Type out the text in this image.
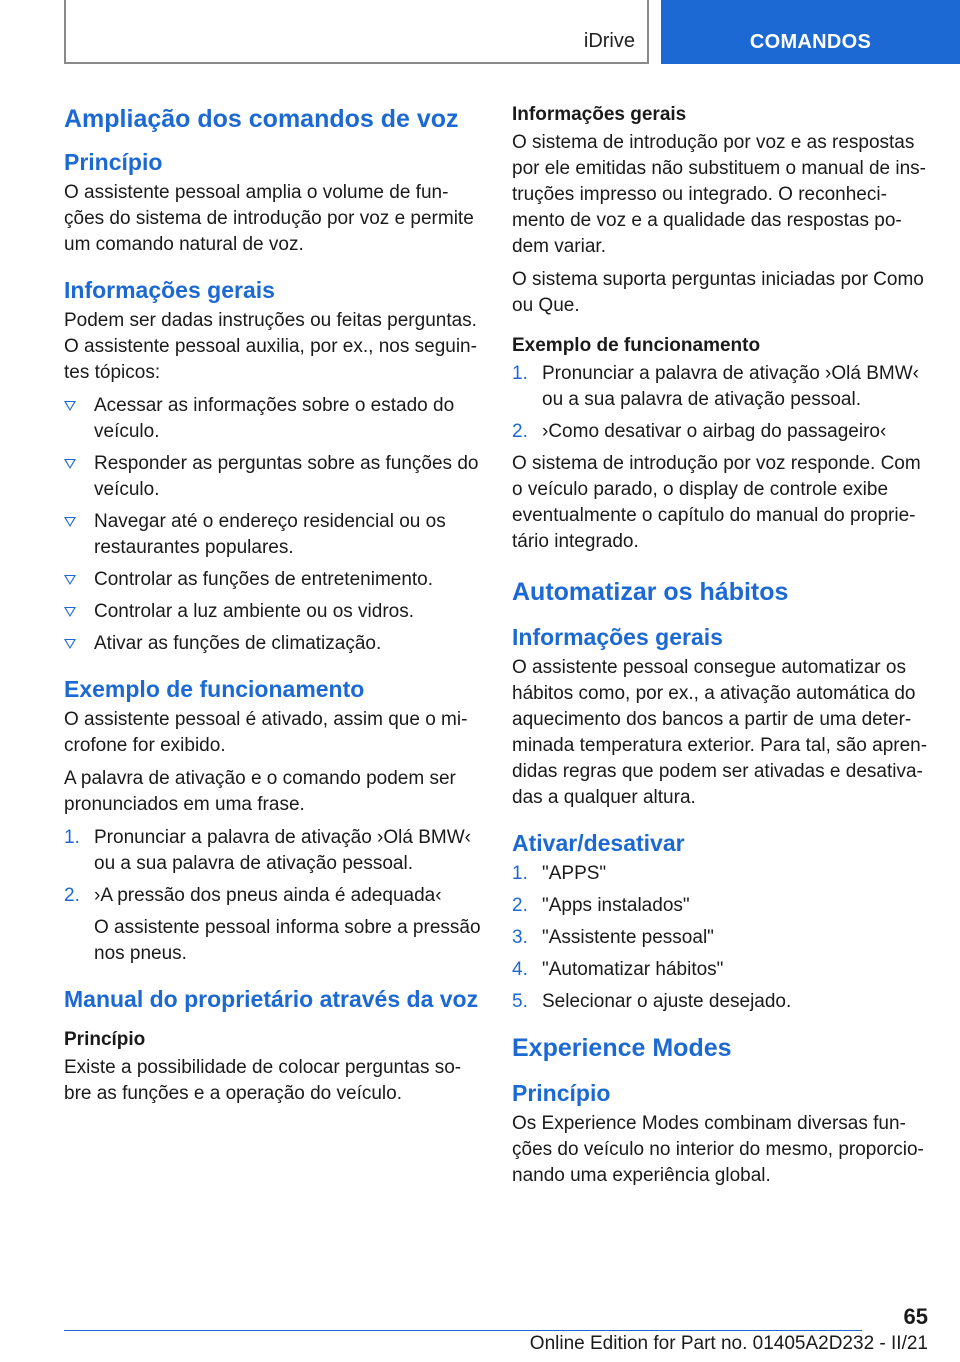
iDrive	COMANDOS
Ampliação dos comandos de voz
Princípio

O assistente pessoal amplia o volume de fun‐ções do sistema de introdução por voz e permite um comando natural de voz.

Informações gerais

Podem ser dadas instruções ou feitas perguntas. O assistente pessoal auxilia, por ex., nos seguin‐tes tópicos:

Acessar as informações sobre o estado do veículo.
Responder as perguntas sobre as funções do veículo.
Navegar até o endereço residencial ou os restaurantes populares.
Controlar as funções de entretenimento.
Controlar a luz ambiente ou os vidros.
Ativar as funções de climatização.
Exemplo de funcionamento

O assistente pessoal é ativado, assim que o mi‐crofone for exibido.

A palavra de ativação e o comando podem ser pronunciados em uma frase.

1. Pronunciar a palavra de ativação ›Olá BMW‹ ou a sua palavra de ativação pessoal.
2. ›A pressão dos pneus ainda é adequada‹
O assistente pessoal informa sobre a pressão nos pneus.
Manual do proprietário através da voz
Princípio

Existe a possibilidade de colocar perguntas so‐bre as funções e a operação do veículo.

Informações gerais

O sistema de introdução por voz e as respostas por ele emitidas não substituem o manual de ins‐truções impresso ou integrado. O reconheci‐mento de voz e a qualidade das respostas po‐dem variar.

O sistema suporta perguntas iniciadas por Como ou Que.

Exemplo de funcionamento
1. Pronunciar a palavra de ativação ›Olá BMW‹ ou a sua palavra de ativação pessoal.
2. ›Como desativar o airbag do passageiro‹

O sistema de introdução por voz responde. Com o veículo parado, o display de controle exibe eventualmente o capítulo do manual do proprie‐tário integrado.

Automatizar os hábitos
Informações gerais

O assistente pessoal consegue automatizar os hábitos como, por ex., a ativação automática do aquecimento dos bancos a partir de uma deter‐minada temperatura exterior. Para tal, são apren‐didas regras que podem ser ativadas e desativa‐das a qualquer altura.

Ativar/desativar
1. "APPS"
2. "Apps instalados"
3. "Assistente pessoal"
4. "Automatizar hábitos"
5. Selecionar o ajuste desejado.
Experience Modes
Princípio

Os Experience Modes combinam diversas fun‐ções do veículo no interior do mesmo, proporcio‐nando uma experiência global.

65
Online Edition for Part no. 01405A2D232 - II/21
